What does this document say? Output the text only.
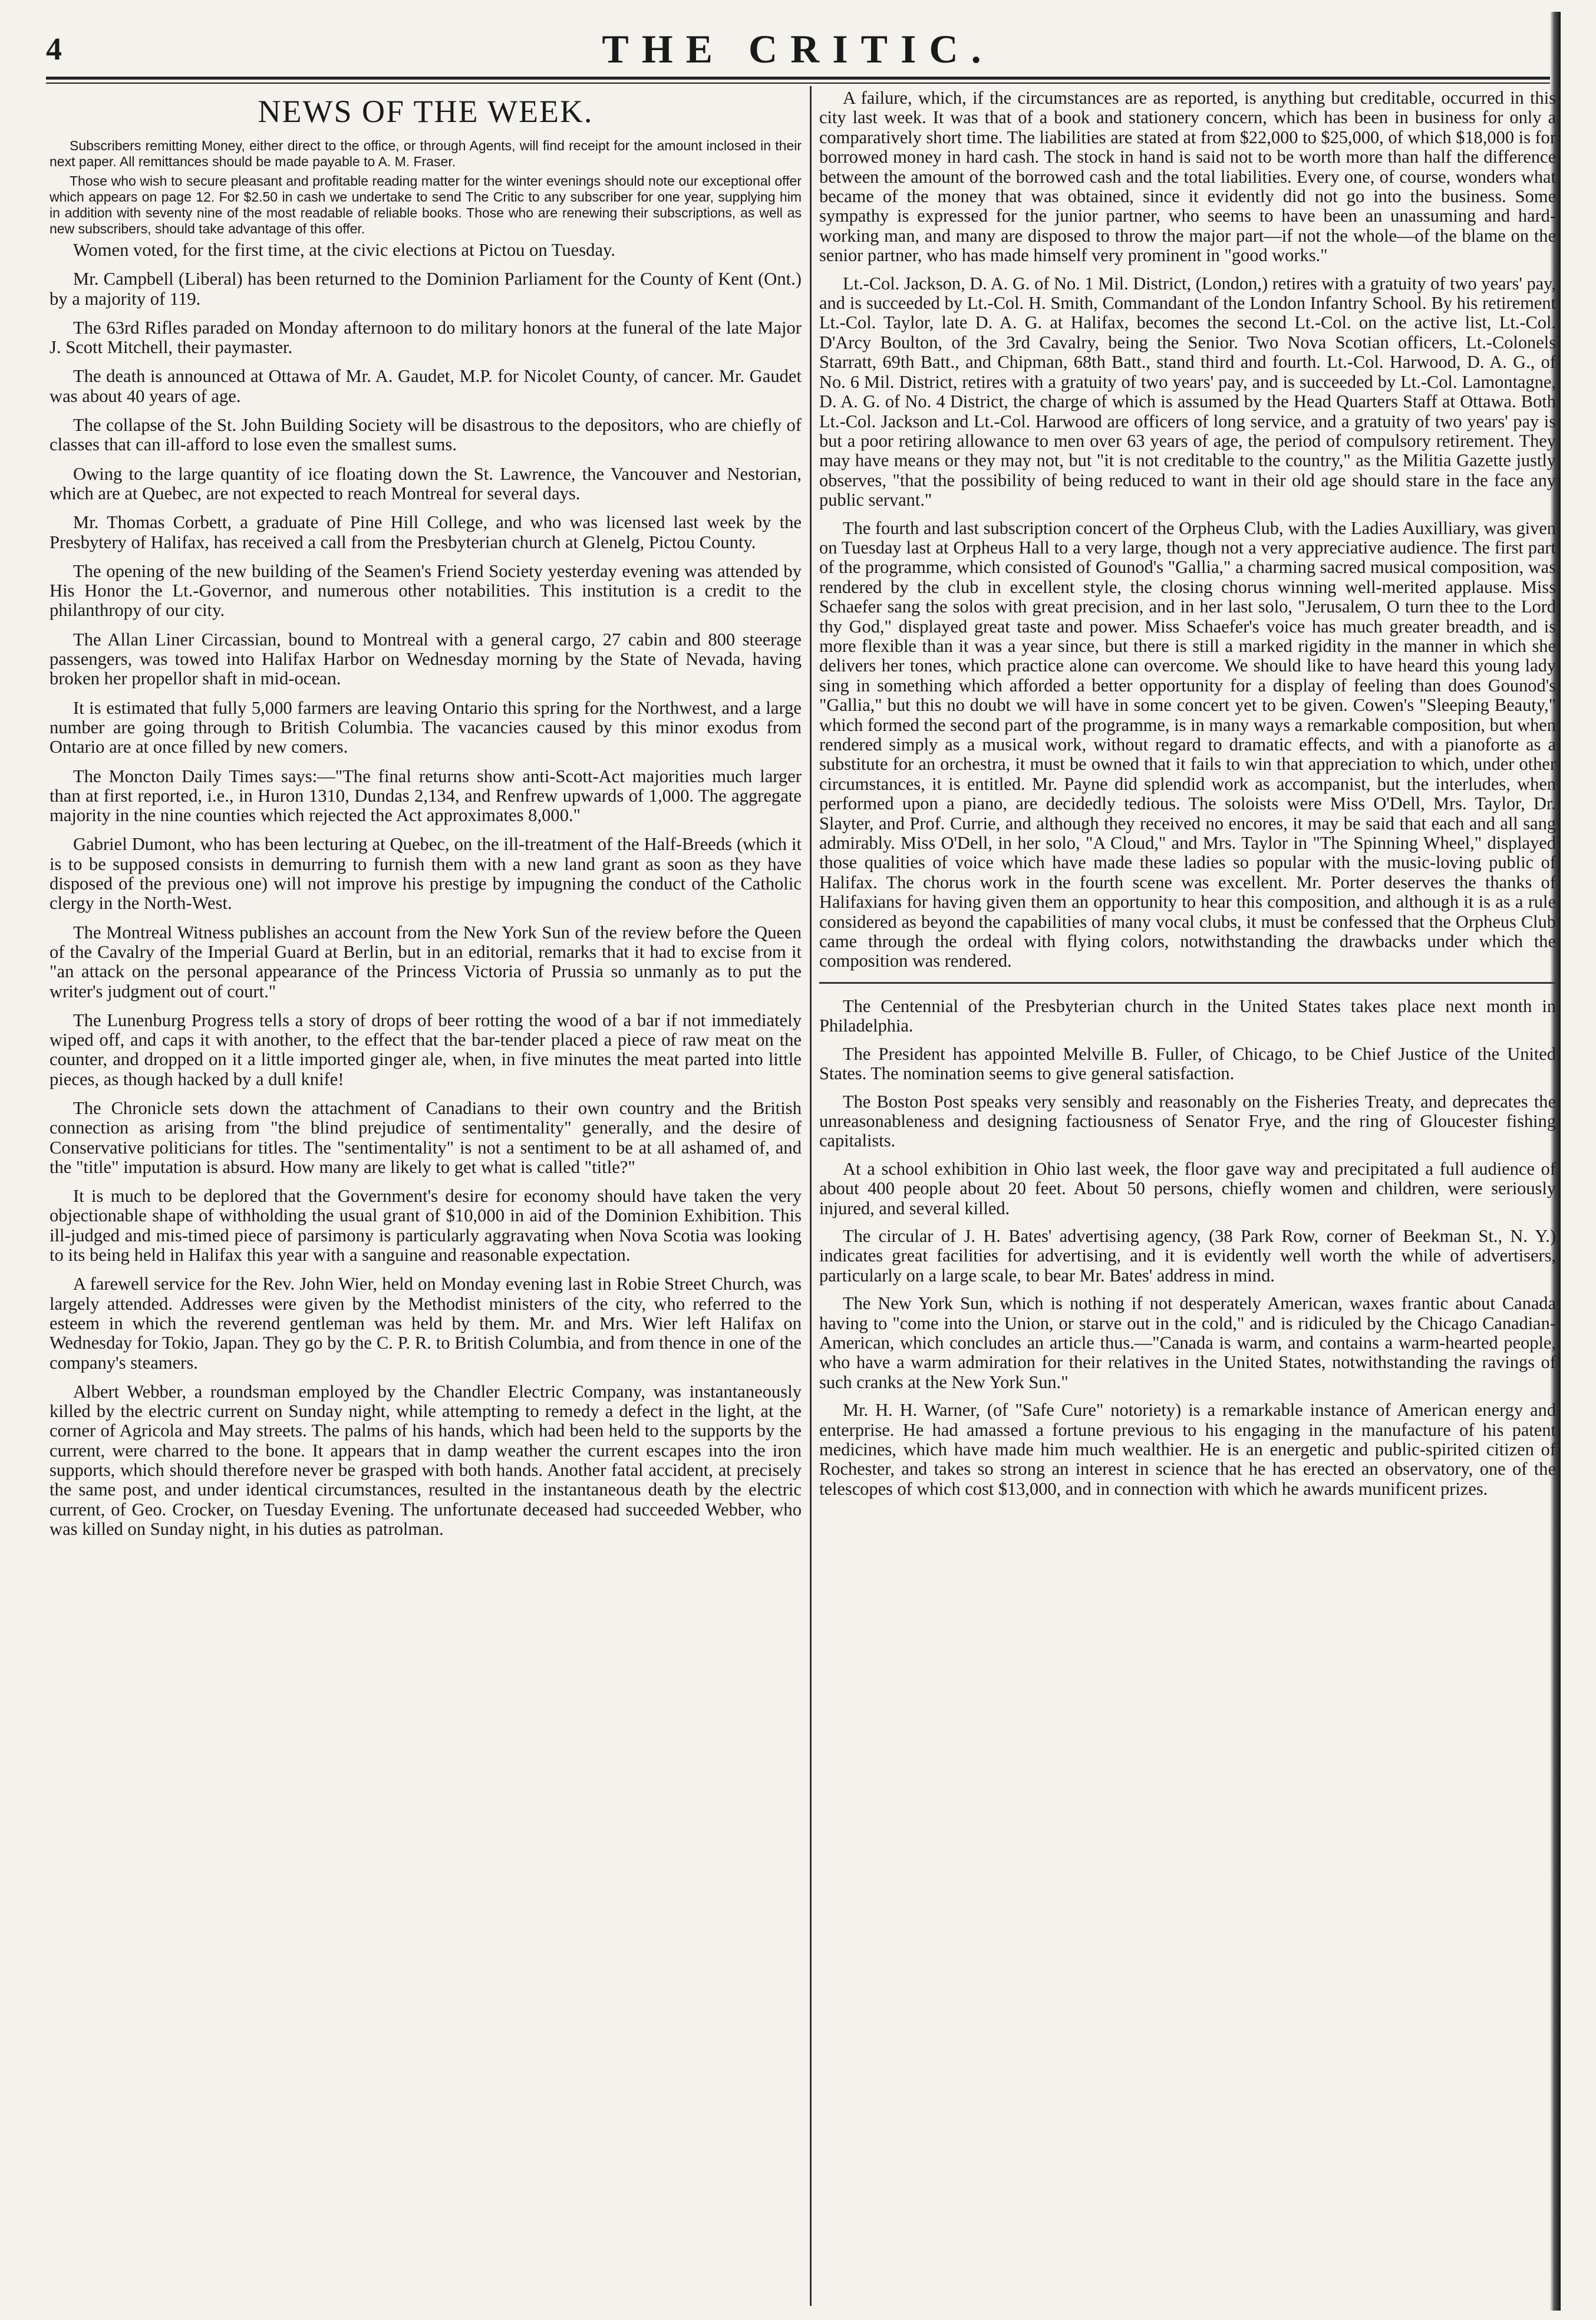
4	THE CRITIC.
NEWS OF THE WEEK.

Subscribers remitting Money, either direct to the office, or through Agents, will find receipt for the amount inclosed in their next paper. All remittances should be made payable to A. M. Fraser.

Those who wish to secure pleasant and profitable reading matter for the winter evenings should note our exceptional offer which appears on page 12. For $2.50 in cash we undertake to send The Critic to any subscriber for one year, supplying him in addition with seventy nine of the most readable of reliable books. Those who are renewing their subscriptions, as well as new subscribers, should take advantage of this offer.

Women voted, for the first time, at the civic elections at Pictou on Tuesday.

Mr. Campbell (Liberal) has been returned to the Dominion Parliament for the County of Kent (Ont.) by a majority of 119.

The 63rd Rifles paraded on Monday afternoon to do military honors at the funeral of the late Major J. Scott Mitchell, their paymaster.

The death is announced at Ottawa of Mr. A. Gaudet, M.P. for Nicolet County, of cancer. Mr. Gaudet was about 40 years of age.

The collapse of the St. John Building Society will be disastrous to the depositors, who are chiefly of classes that can ill-afford to lose even the smallest sums.

Owing to the large quantity of ice floating down the St. Lawrence, the Vancouver and Nestorian, which are at Quebec, are not expected to reach Montreal for several days.

Mr. Thomas Corbett, a graduate of Pine Hill College, and who was licensed last week by the Presbytery of Halifax, has received a call from the Presbyterian church at Glenelg, Pictou County.

The opening of the new building of the Seamen's Friend Society yesterday evening was attended by His Honor the Lt.-Governor, and numerous other notabilities. This institution is a credit to the philanthropy of our city.

The Allan Liner Circassian, bound to Montreal with a general cargo, 27 cabin and 800 steerage passengers, was towed into Halifax Harbor on Wednesday morning by the State of Nevada, having broken her propellor shaft in mid-ocean.

It is estimated that fully 5,000 farmers are leaving Ontario this spring for the Northwest, and a large number are going through to British Columbia. The vacancies caused by this minor exodus from Ontario are at once filled by new comers.

The Moncton Daily Times says:—"The final returns show anti-Scott-Act majorities much larger than at first reported, i.e., in Huron 1310, Dundas 2,134, and Renfrew upwards of 1,000. The aggregate majority in the nine counties which rejected the Act approximates 8,000."

Gabriel Dumont, who has been lecturing at Quebec, on the ill-treatment of the Half-Breeds (which it is to be supposed consists in demurring to furnish them with a new land grant as soon as they have disposed of the previous one) will not improve his prestige by impugning the conduct of the Catholic clergy in the North-West.

The Montreal Witness publishes an account from the New York Sun of the review before the Queen of the Cavalry of the Imperial Guard at Berlin, but in an editorial, remarks that it had to excise from it "an attack on the personal appearance of the Princess Victoria of Prussia so unmanly as to put the writer's judgment out of court."

The Lunenburg Progress tells a story of drops of beer rotting the wood of a bar if not immediately wiped off, and caps it with another, to the effect that the bar-tender placed a piece of raw meat on the counter, and dropped on it a little imported ginger ale, when, in five minutes the meat parted into little pieces, as though hacked by a dull knife!

The Chronicle sets down the attachment of Canadians to their own country and the British connection as arising from "the blind prejudice of sentimentality" generally, and the desire of Conservative politicians for titles. The "sentimentality" is not a sentiment to be at all ashamed of, and the "title" imputation is absurd. How many are likely to get what is called "title?"

It is much to be deplored that the Government's desire for economy should have taken the very objectionable shape of withholding the usual grant of $10,000 in aid of the Dominion Exhibition. This ill-judged and mis-timed piece of parsimony is particularly aggravating when Nova Scotia was looking to its being held in Halifax this year with a sanguine and reasonable expectation.

A farewell service for the Rev. John Wier, held on Monday evening last in Robie Street Church, was largely attended. Addresses were given by the Methodist ministers of the city, who referred to the esteem in which the reverend gentleman was held by them. Mr. and Mrs. Wier left Halifax on Wednesday for Tokio, Japan. They go by the C. P. R. to British Columbia, and from thence in one of the company's steamers.

Albert Webber, a roundsman employed by the Chandler Electric Company, was instantaneously killed by the electric current on Sunday night, while attempting to remedy a defect in the light, at the corner of Agricola and May streets. The palms of his hands, which had been held to the supports by the current, were charred to the bone. It appears that in damp weather the current escapes into the iron supports, which should therefore never be grasped with both hands. Another fatal accident, at precisely the same post, and under identical circumstances, resulted in the instantaneous death by the electric current, of Geo. Crocker, on Tuesday Evening. The unfortunate deceased had succeeded Webber, who was killed on Sunday night, in his duties as patrolman.

A failure, which, if the circumstances are as reported, is anything but creditable, occurred in this city last week. It was that of a book and stationery concern, which has been in business for only a comparatively short time. The liabilities are stated at from $22,000 to $25,000, of which $18,000 is for borrowed money in hard cash. The stock in hand is said not to be worth more than half the difference between the amount of the borrowed cash and the total liabilities. Every one, of course, wonders what became of the money that was obtained, since it evidently did not go into the business. Some sympathy is expressed for the junior partner, who seems to have been an unassuming and hard-working man, and many are disposed to throw the major part—if not the whole—of the blame on the senior partner, who has made himself very prominent in "good works."

Lt.-Col. Jackson, D. A. G. of No. 1 Mil. District, (London,) retires with a gratuity of two years' pay, and is succeeded by Lt.-Col. H. Smith, Commandant of the London Infantry School. By his retirement Lt.-Col. Taylor, late D. A. G. at Halifax, becomes the second Lt.-Col. on the active list, Lt.-Col. D'Arcy Boulton, of the 3rd Cavalry, being the Senior. Two Nova Scotian officers, Lt.-Colonels Starratt, 69th Batt., and Chipman, 68th Batt., stand third and fourth. Lt.-Col. Harwood, D. A. G., of No. 6 Mil. District, retires with a gratuity of two years' pay, and is succeeded by Lt.-Col. Lamontagne, D. A. G. of No. 4 District, the charge of which is assumed by the Head Quarters Staff at Ottawa. Both Lt.-Col. Jackson and Lt.-Col. Harwood are officers of long service, and a gratuity of two years' pay is but a poor retiring allowance to men over 63 years of age, the period of compulsory retirement. They may have means or they may not, but "it is not creditable to the country," as the Militia Gazette justly observes, "that the possibility of being reduced to want in their old age should stare in the face any public servant."

The fourth and last subscription concert of the Orpheus Club, with the Ladies Auxilliary, was given on Tuesday last at Orpheus Hall to a very large, though not a very appreciative audience. The first part of the programme, which consisted of Gounod's "Gallia," a charming sacred musical composition, was rendered by the club in excellent style, the closing chorus winning well-merited applause. Miss Schaefer sang the solos with great precision, and in her last solo, "Jerusalem, O turn thee to the Lord thy God," displayed great taste and power. Miss Schaefer's voice has much greater breadth, and is more flexible than it was a year since, but there is still a marked rigidity in the manner in which she delivers her tones, which practice alone can overcome. We should like to have heard this young lady sing in something which afforded a better opportunity for a display of feeling than does Gounod's "Gallia," but this no doubt we will have in some concert yet to be given. Cowen's "Sleeping Beauty," which formed the second part of the programme, is in many ways a remarkable composition, but when rendered simply as a musical work, without regard to dramatic effects, and with a pianoforte as a substitute for an orchestra, it must be owned that it fails to win that appreciation to which, under other circumstances, it is entitled. Mr. Payne did splendid work as accompanist, but the interludes, when performed upon a piano, are decidedly tedious. The soloists were Miss O'Dell, Mrs. Taylor, Dr. Slayter, and Prof. Currie, and although they received no encores, it may be said that each and all sang admirably. Miss O'Dell, in her solo, "A Cloud," and Mrs. Taylor in "The Spinning Wheel," displayed those qualities of voice which have made these ladies so popular with the music-loving public of Halifax. The chorus work in the fourth scene was excellent. Mr. Porter deserves the thanks of Halifaxians for having given them an opportunity to hear this composition, and although it is as a rule considered as beyond the capabilities of many vocal clubs, it must be confessed that the Orpheus Club came through the ordeal with flying colors, notwithstanding the drawbacks under which the composition was rendered.

The Centennial of the Presbyterian church in the United States takes place next month in Philadelphia.

The President has appointed Melville B. Fuller, of Chicago, to be Chief Justice of the United States. The nomination seems to give general satisfaction.

The Boston Post speaks very sensibly and reasonably on the Fisheries Treaty, and deprecates the unreasonableness and designing factiousness of Senator Frye, and the ring of Gloucester fishing capitalists.

At a school exhibition in Ohio last week, the floor gave way and precipitated a full audience of about 400 people about 20 feet. About 50 persons, chiefly women and children, were seriously injured, and several killed.

The circular of J. H. Bates' advertising agency, (38 Park Row, corner of Beekman St., N. Y.) indicates great facilities for advertising, and it is evidently well worth the while of advertisers, particularly on a large scale, to bear Mr. Bates' address in mind.

The New York Sun, which is nothing if not desperately American, waxes frantic about Canada having to "come into the Union, or starve out in the cold," and is ridiculed by the Chicago Canadian-American, which concludes an article thus.—"Canada is warm, and contains a warm-hearted people, who have a warm admiration for their relatives in the United States, notwithstanding the ravings of such cranks at the New York Sun."

Mr. H. H. Warner, (of "Safe Cure" notoriety) is a remarkable instance of American energy and enterprise. He had amassed a fortune previous to his engaging in the manufacture of his patent medicines, which have made him much wealthier. He is an energetic and public-spirited citizen of Rochester, and takes so strong an interest in science that he has erected an observatory, one of the telescopes of which cost $13,000, and in connection with which he awards munificent prizes.
